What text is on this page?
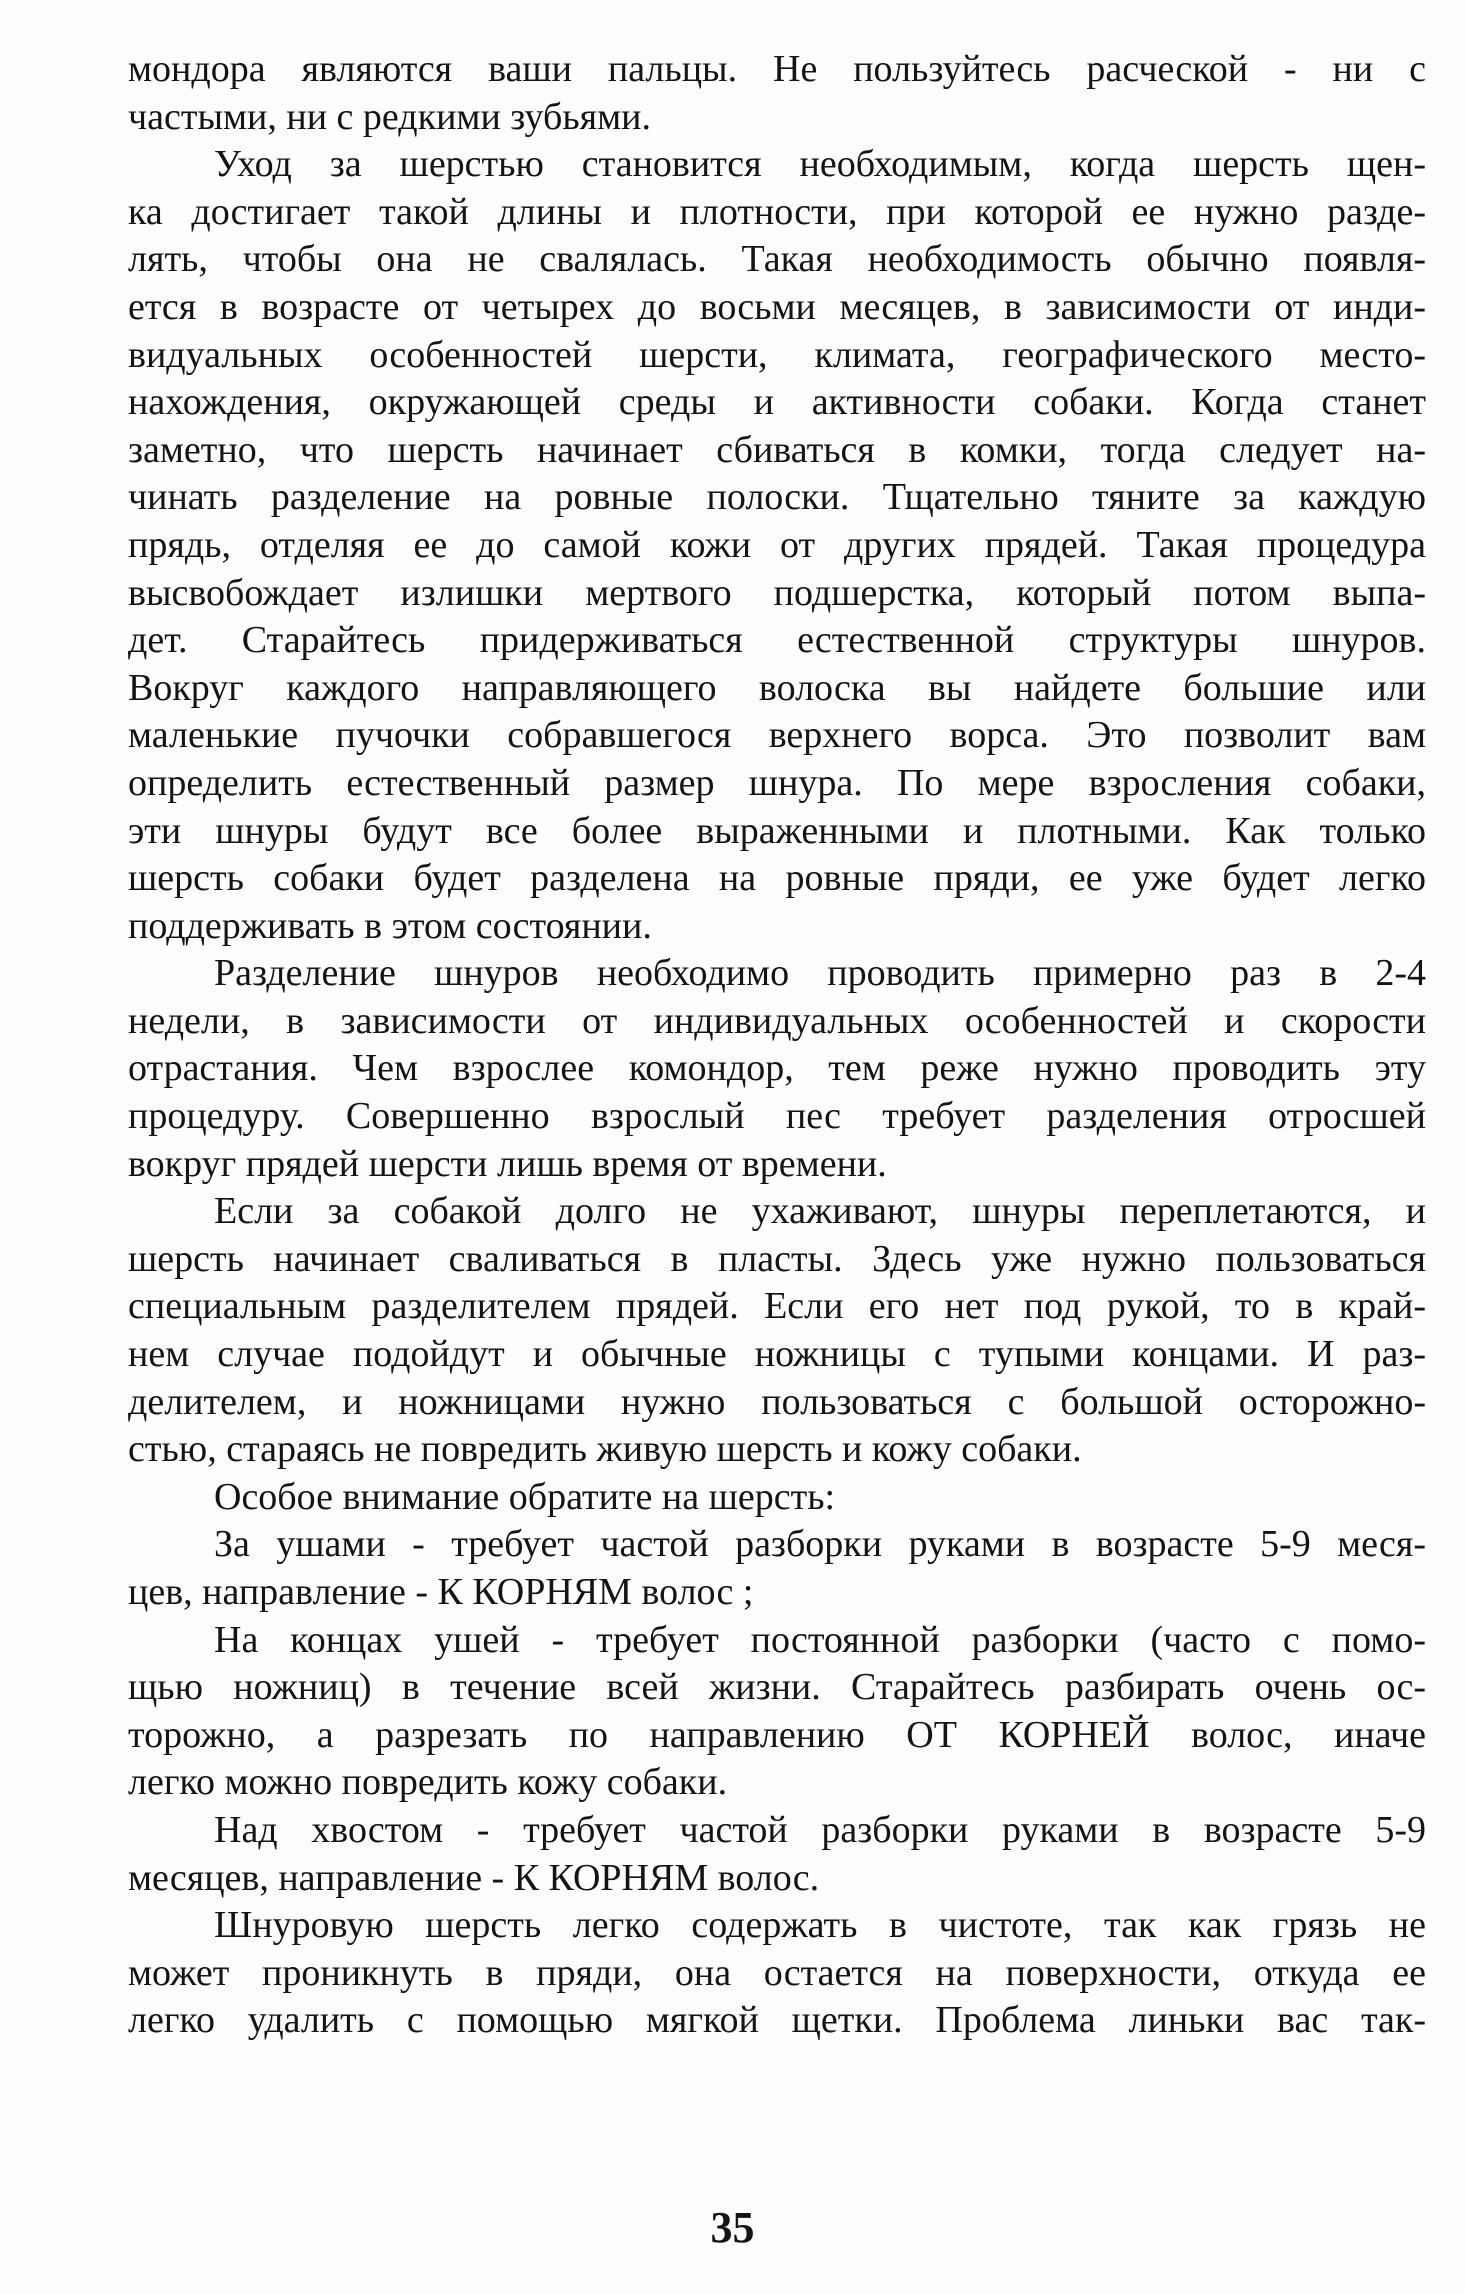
мондора являются ваши пальцы. Не пользуйтесь расческой - ни с
частыми, ни с редкими зубьями.
Уход за шерстью становится необходимым, когда шерсть щен-
ка достигает такой длины и плотности, при которой ее нужно разде-
лять, чтобы она не свалялась. Такая необходимость обычно появля-
ется в возрасте от четырех до восьми месяцев, в зависимости от инди-
видуальных особенностей шерсти, климата, географического место-
нахождения, окружающей среды и активности собаки. Когда станет
заметно, что шерсть начинает сбиваться в комки, тогда следует на-
чинать разделение на ровные полоски. Тщательно тяните за каждую
прядь, отделяя ее до самой кожи от других прядей. Такая процедура
высвобождает излишки мертвого подшерстка, который потом выпа-
дет. Старайтесь придерживаться естественной структуры шнуров.
Вокруг каждого направляющего волоска вы найдете большие или
маленькие пучочки собравшегося верхнего ворса. Это позволит вам
определить естественный размер шнура. По мере взросления собаки,
эти шнуры будут все более выраженными и плотными. Как только
шерсть собаки будет разделена на ровные пряди, ее уже будет легко
поддерживать в этом состоянии.
Разделение шнуров необходимо проводить примерно раз в 2-4
недели, в зависимости от индивидуальных особенностей и скорости
отрастания. Чем взрослее комондор, тем реже нужно проводить эту
процедуру. Совершенно взрослый пес требует разделения отросшей
вокруг прядей шерсти лишь время от времени.
Если за собакой долго не ухаживают, шнуры переплетаются, и
шерсть начинает сваливаться в пласты. Здесь уже нужно пользоваться
специальным разделителем прядей. Если его нет под рукой, то в край-
нем случае подойдут и обычные ножницы с тупыми концами. И раз-
делителем, и ножницами нужно пользоваться с большой осторожно-
стью, стараясь не повредить живую шерсть и кожу собаки.
Особое внимание обратите на шерсть:
За ушами - требует частой разборки руками в возрасте 5-9 меся-
цев, направление - К КОРНЯМ волос ;
На концах ушей - требует постоянной разборки (часто с помо-
щью ножниц) в течение всей жизни. Старайтесь разбирать очень ос-
торожно, а разрезать по направлению ОТ КОРНЕЙ волос, иначе
легко можно повредить кожу собаки.
Над хвостом - требует частой разборки руками в возрасте 5-9
месяцев, направление - К КОРНЯМ волос.
Шнуровую шерсть легко содержать в чистоте, так как грязь не
может проникнуть в пряди, она остается на поверхности, откуда ее
легко удалить с помощью мягкой щетки. Проблема линьки вас так-
35
